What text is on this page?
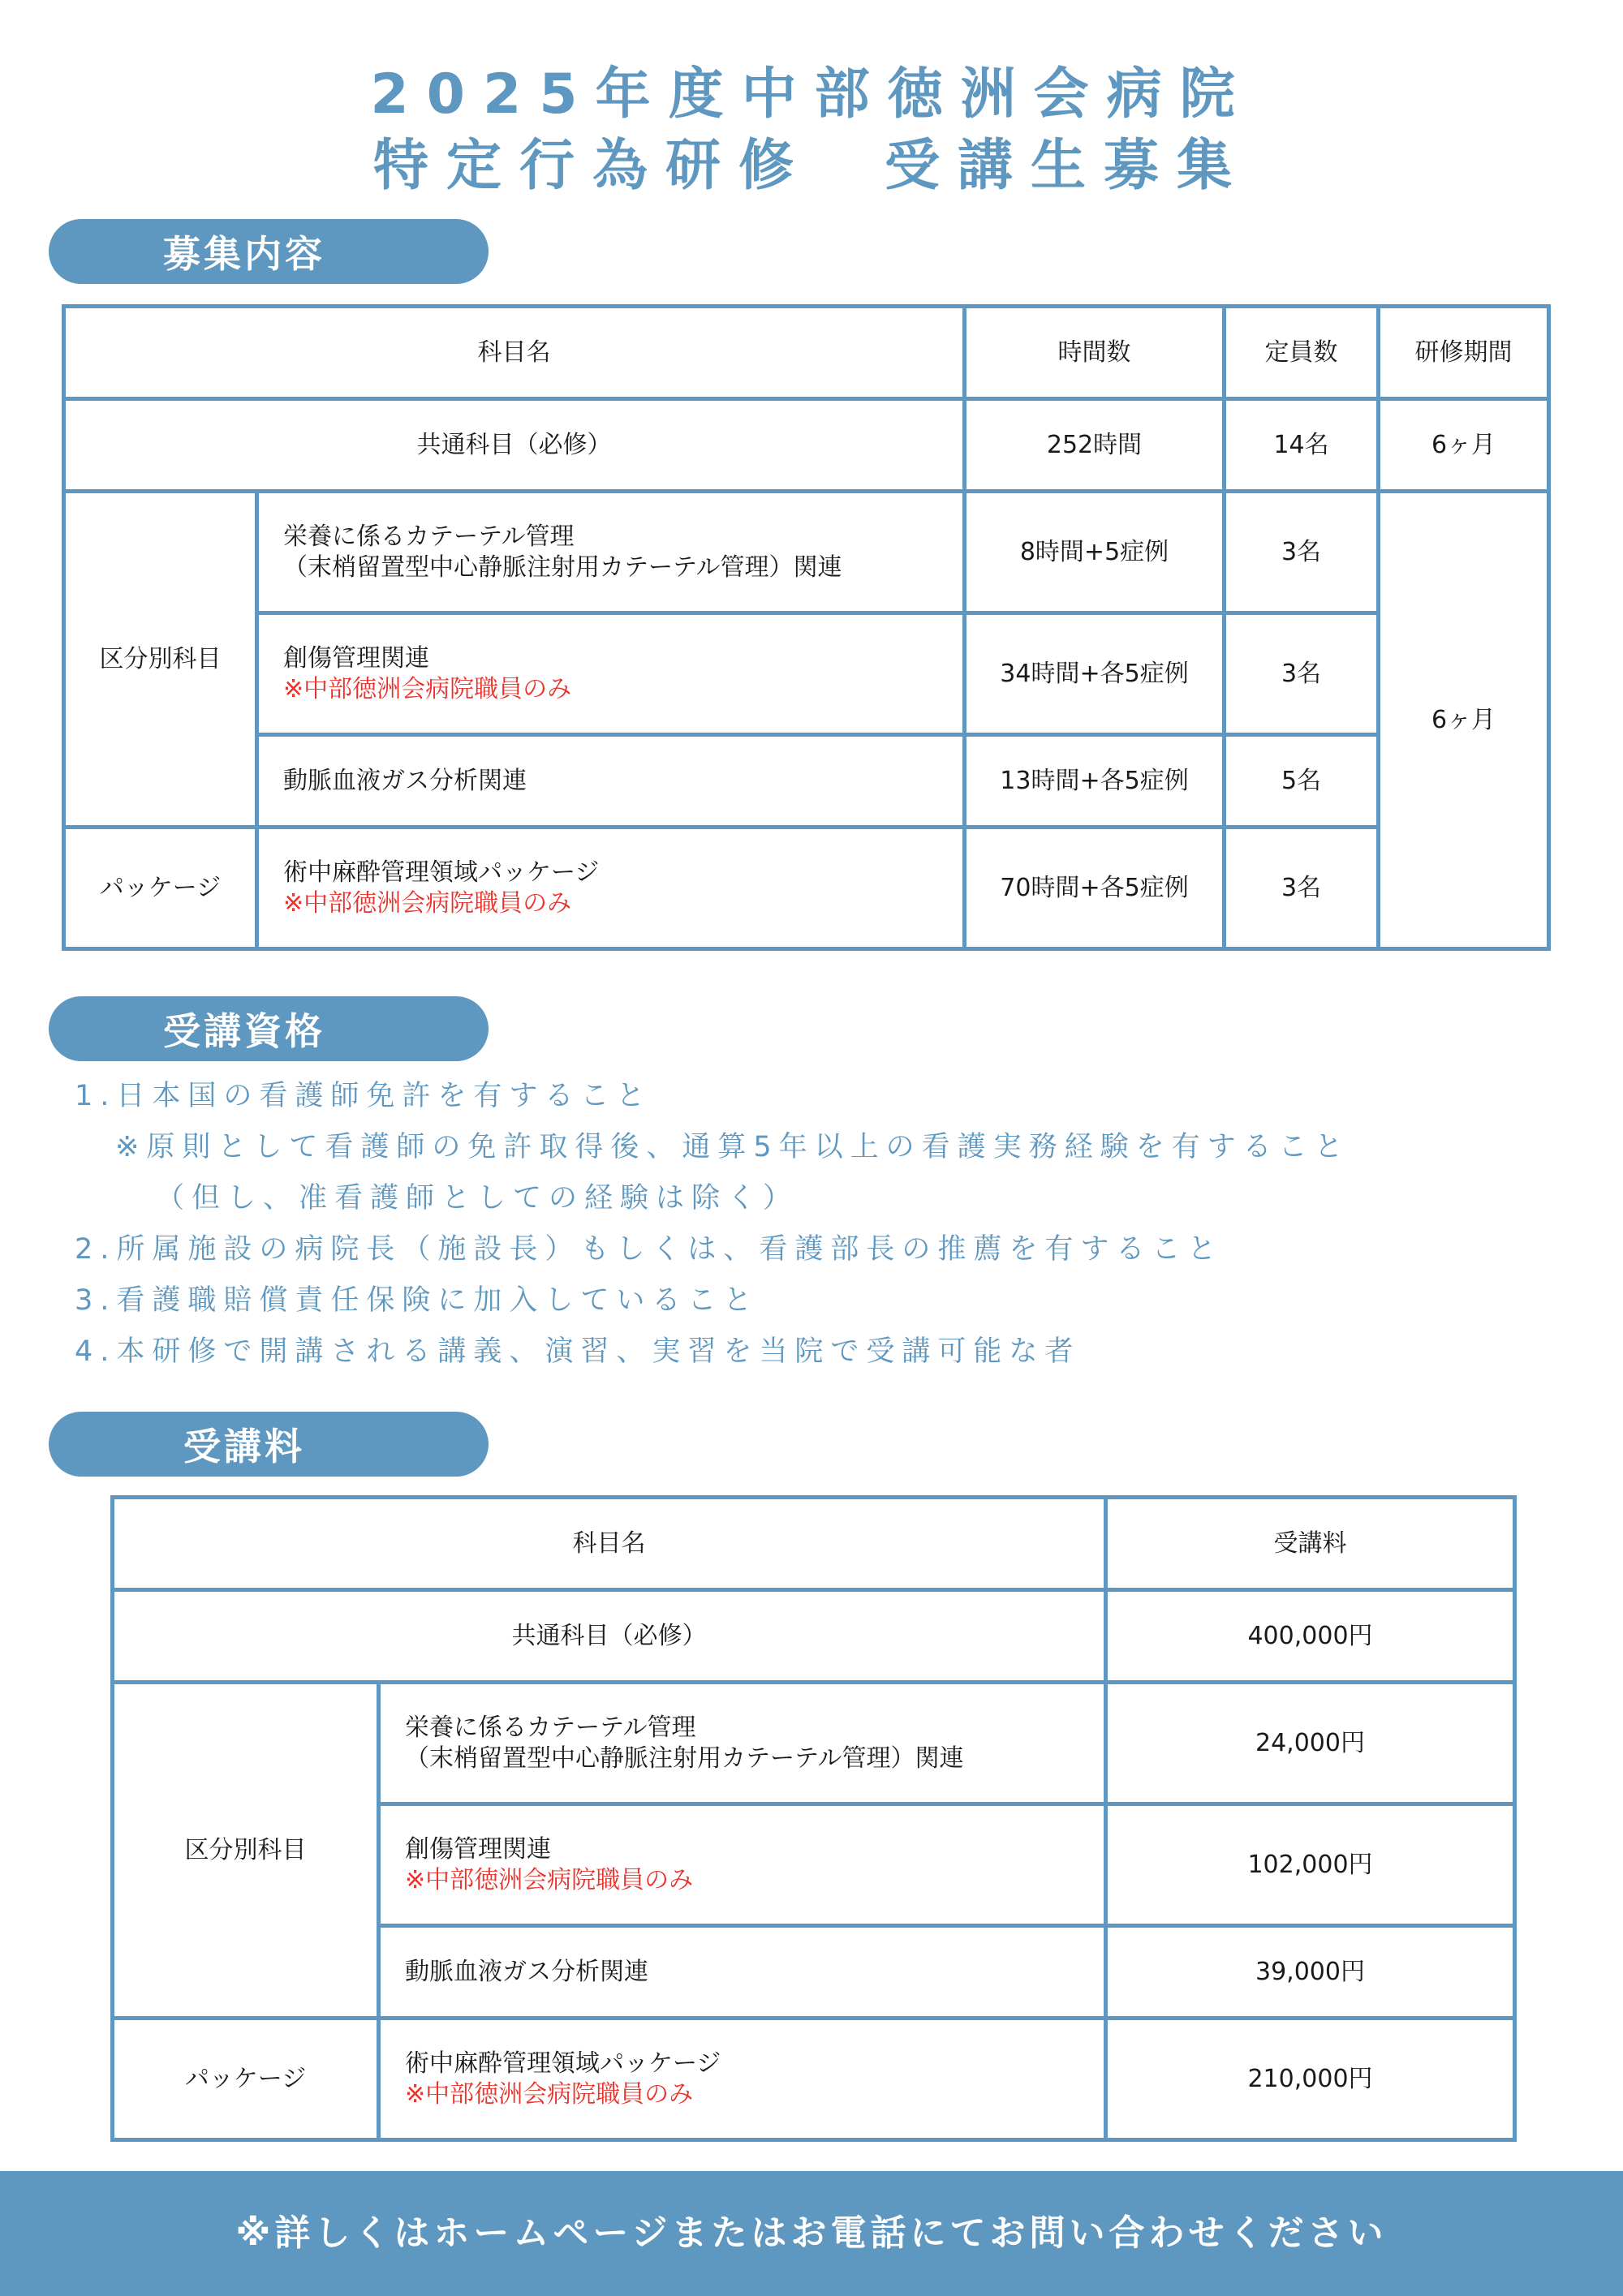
2025年度中部徳洲会病院
特定行為研修　受講生募集
募集内容
科目名		時間数	定員数	研修期間
共通科目（必修）		252時間	14名	6ヶ月
区分別科目	栄養に係るカテーテル管理
（末梢留置型中心静脈注射用カテーテル管理）関連	8時間+5症例	3名	6ヶ月

	創傷管理関連
※中部徳洲会病院職員のみ	34時間+各5症例	3名	
	動脈血液ガス分析関連	13時間+各5症例	5名	
パッケージ	術中麻酔管理領域パッケージ
※中部徳洲会病院職員のみ	70時間+各5症例	3名	
受講資格
1.日本国の看護師免許を有すること
※原則として看護師の免許取得後、通算5年以上の看護実務経験を有すること
（但し、准看護師としての経験は除く）
2.所属施設の病院長（施設長）もしくは、看護部長の推薦を有すること
3.看護職賠償責任保険に加入していること
4.本研修で開講される講義、演習、実習を当院で受講可能な者
受講料
科目名		受講料
共通科目（必修）		400,000円
区分別科目	栄養に係るカテーテル管理
（末梢留置型中心静脈注射用カテーテル管理）関連	24,000円

	創傷管理関連
※中部徳洲会病院職員のみ	102,000円
	動脈血液ガス分析関連	39,000円
パッケージ	術中麻酔管理領域パッケージ
※中部徳洲会病院職員のみ	210,000円
※詳しくはホームページまたはお電話にてお問い合わせください
